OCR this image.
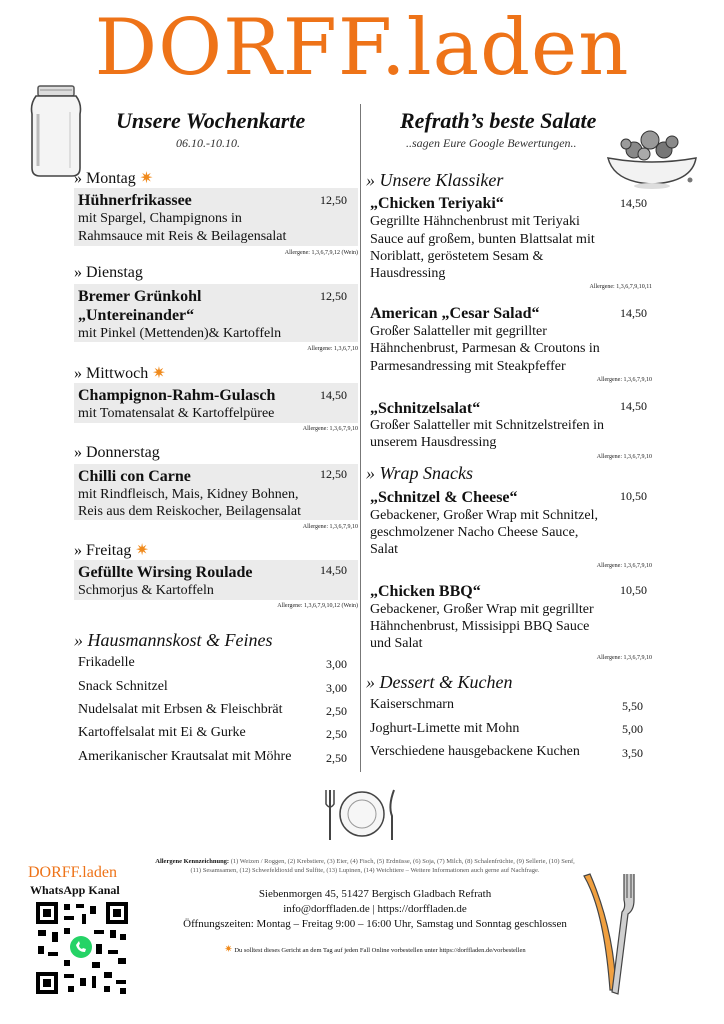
DORFF.laden
Unsere Wochenkarte
06.10.-10.10.
Refrath’s beste Salate
..sagen Eure Google Bewertungen..
» Montag ✷
Hühnerfrikassee	12,50
mit Spargel, Champignons in
Rahmsauce mit Reis & Beilagensalat
Allergene: 1,3,6,7,9,12 (Wein)
» Dienstag
Bremer Grünkohl	12,50
„Untereinander“
mit Pinkel (Mettenden)& Kartoffeln
Allergene: 1,3,6,7,10
» Mittwoch ✷
Champignon-Rahm-Gulasch	14,50
mit Tomatensalat & Kartoffelpüree
Allergene: 1,3,6,7,9,10
» Donnerstag
Chilli con Carne	12,50
mit Rindfleisch, Mais, Kidney Bohnen,
Reis aus dem Reiskocher, Beilagensalat
Allergene: 1,3,6,7,9,10
» Freitag ✷
Gefüllte Wirsing Roulade	14,50
Schmorjus & Kartoffeln
Allergene: 1,3,6,7,9,10,12 (Wein)
» Hausmannskost & Feines
Frikadelle	3,00
Snack Schnitzel	3,00
Nudelsalat mit Erbsen & Fleischbrät	2,50
Kartoffelsalat mit Ei & Gurke	2,50
Amerikanischer Krautsalat mit Möhre	2,50
» Unsere Klassiker
„Chicken Teriyaki“	14,50
Gegrillte Hähnchenbrust mit Teriyaki
Sauce auf großem, bunten Blattsalat mit
Noriblatt, geröstetem Sesam &
Hausdressing
Allergene: 1,3,6,7,9,10,11
American „Cesar Salad“	14,50
Großer Salatteller mit gegrillter
Hähnchenbrust, Parmesan & Croutons in
Parmesandressing mit Steakpfeffer
Allergene: 1,3,6,7,9,10
„Schnitzelsalat“	14,50
Großer Salatteller mit Schnitzelstreifen in
unserem Hausdressing
Allergene: 1,3,6,7,9,10
» Wrap Snacks
„Schnitzel & Cheese“	10,50
Gebackener, Großer Wrap mit Schnitzel,
geschmolzener Nacho Cheese Sauce,
Salat
Allergene: 1,3,6,7,9,10
„Chicken BBQ“	10,50
Gebackener, Großer Wrap mit gegrillter
Hähnchenbrust, Missisippi BBQ Sauce
und Salat
Allergene: 1,3,6,7,9,10
» Dessert & Kuchen
Kaiserschmarn	5,50
Joghurt-Limette mit Mohn	5,00
Verschiedene hausgebackene Kuchen	3,50
Allergene Kennzeichnung: (1) Weizen / Roggen, (2) Krebstiere, (3) Eier, (4) Fisch, (5) Erdnüsse, (6) Soja, (7) Milch, (8) Schalenfrüchte, (9) Sellerie, (10) Senf,
(11) Sesamsamen, (12) Schwefeldioxid und Sulfite, (13) Lupinen, (14) Weichtiere – Weitere Informationen auch gerne auf Nachfrage.
DORFF.laden
WhatsApp Kanal	Siebenmorgen 45, 51427 Bergisch Gladbach Refrath
info@dorffladen.de | https://dorffladen.de
Öffnungszeiten: Montag – Freitag 9:00 – 16:00 Uhr, Samstag und Sonntag geschlossen
✷ Du solltest dieses Gericht an dem Tag auf jeden Fall Online vorbestellen unter https://dorffladen.de/vorbestellen
